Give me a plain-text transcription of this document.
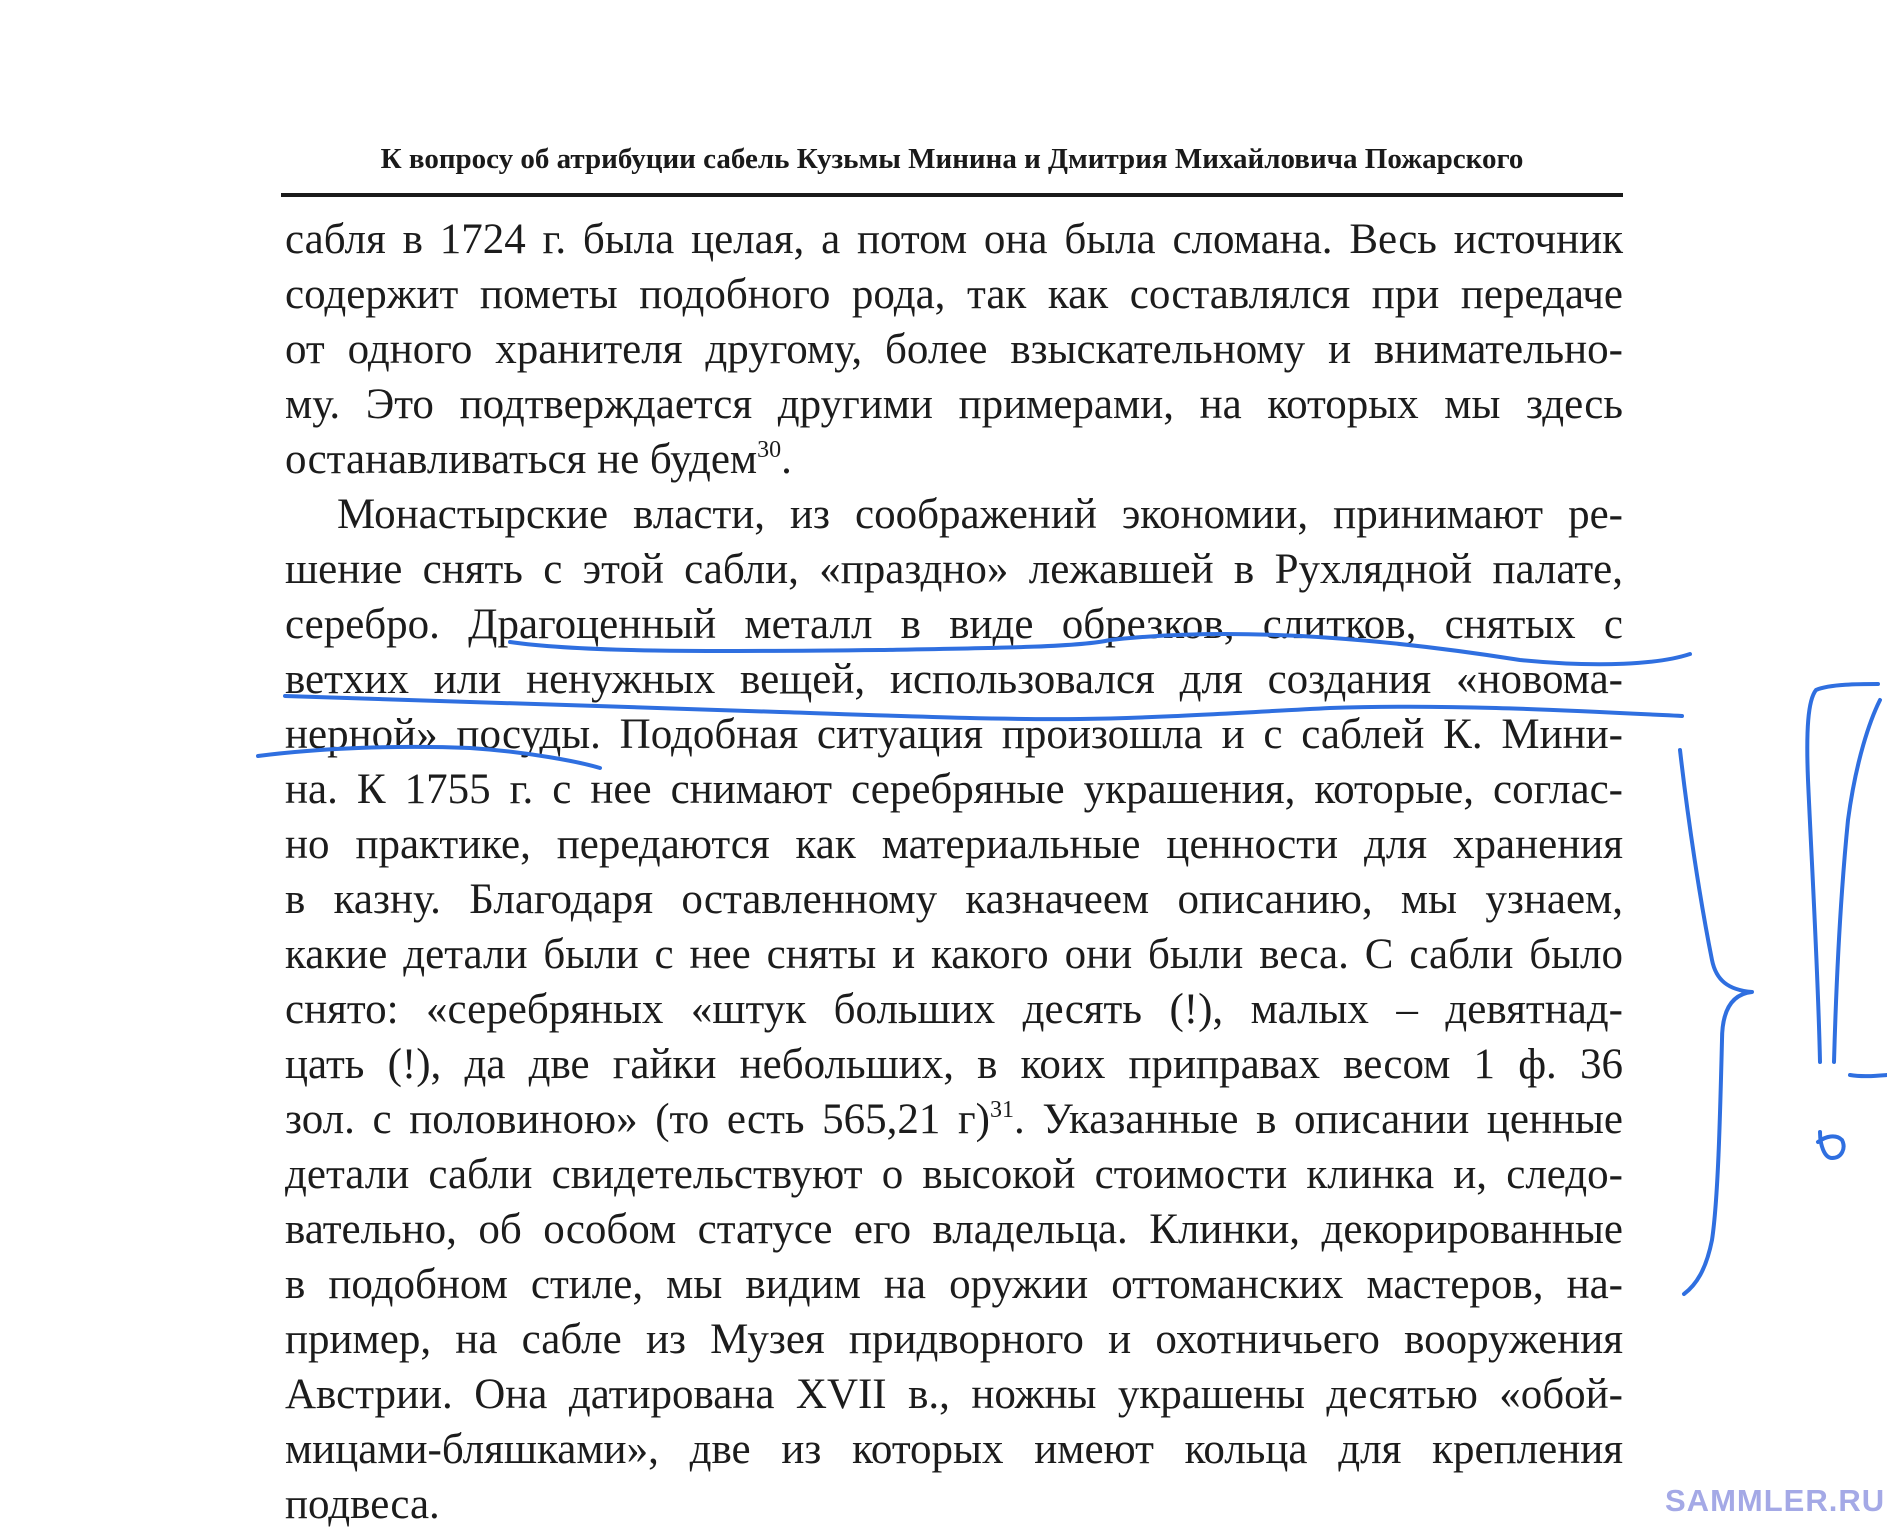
К вопросу об атрибуции сабель Кузьмы Минина и Дмитрия Михайловича Пожарского
сабля в 1724 г. была целая, а потом она была сломана. Весь источник
содержит пометы подобного рода, так как составлялся при передаче
от одного хранителя другому, более взыскательному и внимательно-
му. Это подтверждается другими примерами, на которых мы здесь
останавливаться не будем$^{30}$.
Монастырские власти, из соображений экономии, принимают ре-
шение снять с этой сабли, «праздно» лежавшей в Рухлядной палате,
серебро. Драгоценный металл в виде обрезков, слитков, снятых с
ветхих или ненужных вещей, использовался для создания «новома-
нерной» посуды. Подобная ситуация произошла и с саблей К. Мини-
на. К 1755 г. с нее снимают серебряные украшения, которые, соглас-
но практике, передаются как материальные ценности для хранения
в казну. Благодаря оставленному казначеем описанию, мы узнаем,
какие детали были с нее сняты и какого они были веса. С сабли было
снято: «серебряных «штук больших десять (!), малых – девятнад-
цать (!), да две гайки небольших, в коих приправах весом 1 ф. 36
зол. с половиною» (то есть 565,21 г)$^{31}$. Указанные в описании ценные
детали сабли свидетельствуют о высокой стоимости клинка и, следо-
вательно, об особом статусе его владельца. Клинки, декорированные
в подобном стиле, мы видим на оружии оттоманских мастеров, на-
пример, на сабле из Музея придворного и охотничьего вооружения
Австрии. Она датирована XVII в., ножны украшены десятью «обой-
мицами-бляшками», две из которых имеют кольца для крепления
подвеса.	SAMMLER.RU
